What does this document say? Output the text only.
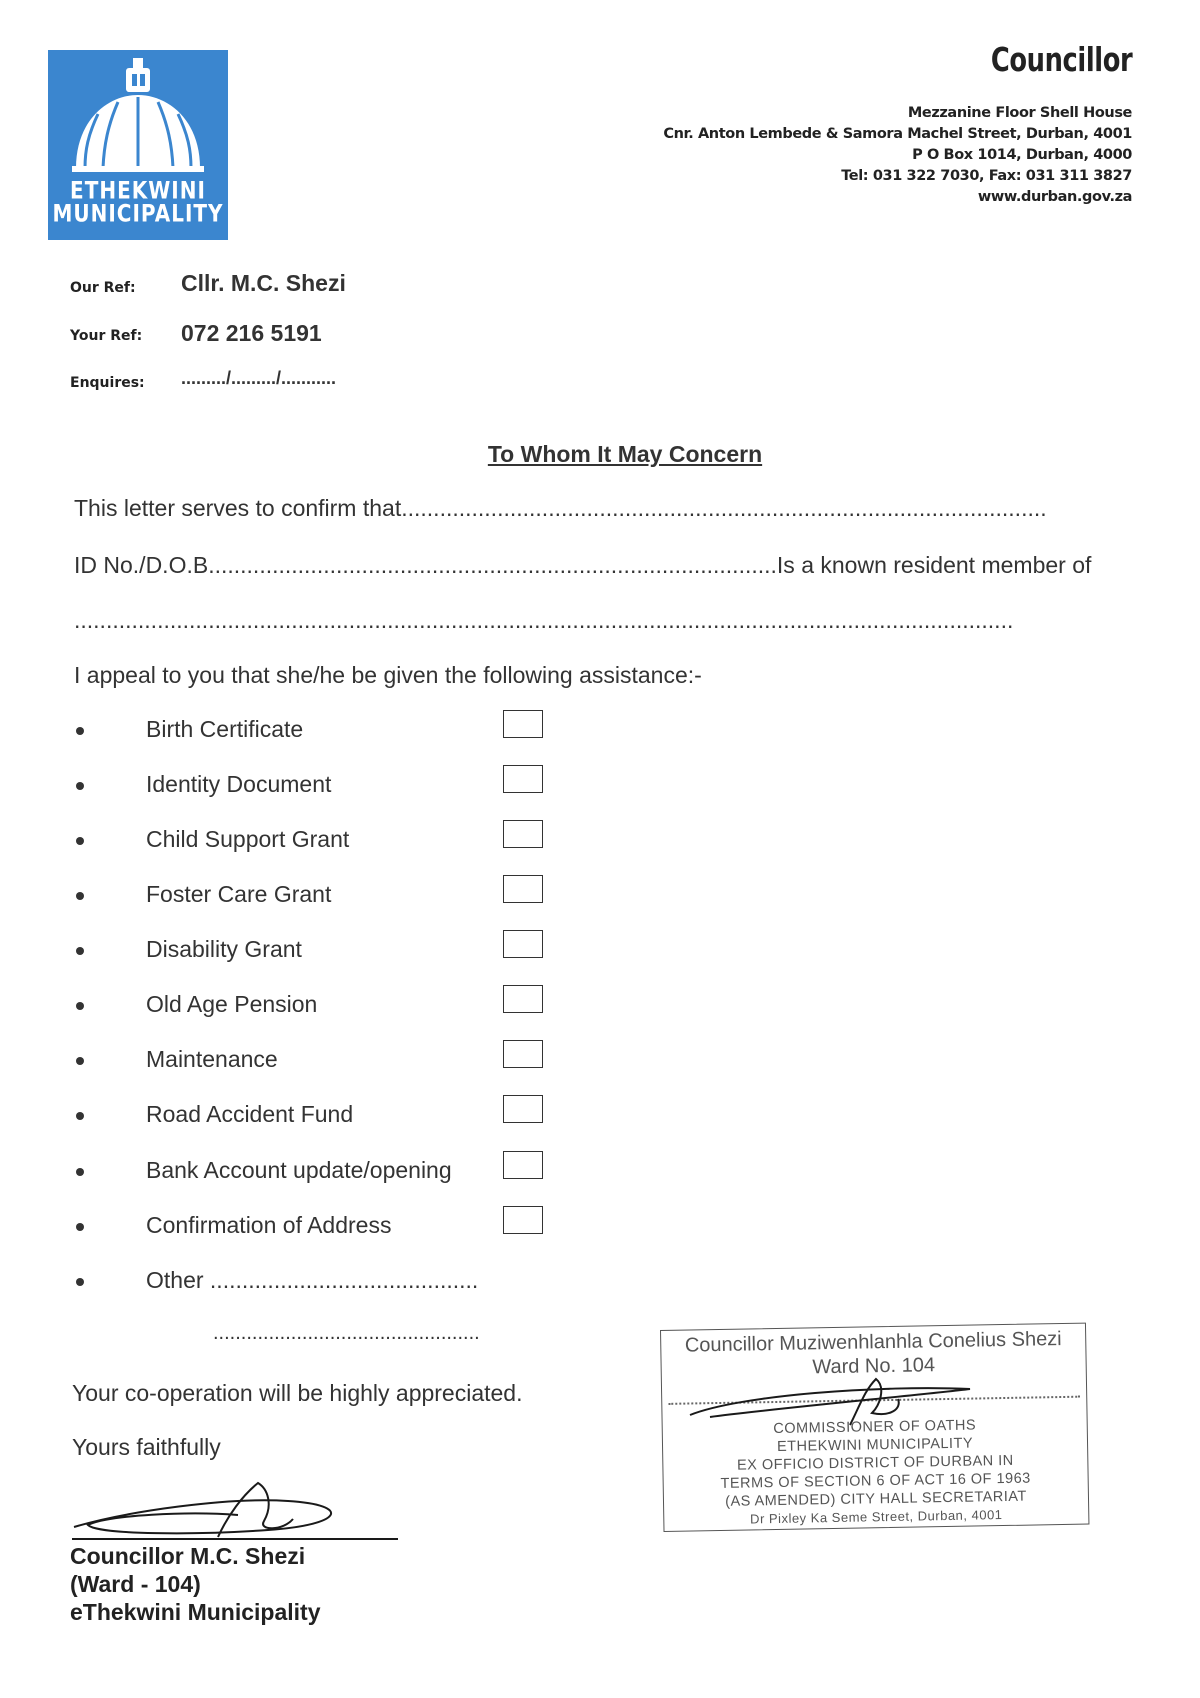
ETHEKWINI
MUNICIPALITY
Councillor
Mezzanine Floor Shell House
Cnr. Anton Lembede & Samora Machel Street, Durban, 4001
P O Box 1014, Durban, 4000
Tel: 031 322 7030, Fax: 031 311 3827
www.durban.gov.za
Our Ref: Cllr. M.C. Shezi
Your Ref: 072 216 5191
Enquires: ........./........./...........
To Whom It May Concern
This letter serves to confirm that.....................................................................................................
ID No./D.O.B.........................................................................................Is a known resident member of
...................................................................................................................................................
I appeal to you that she/he be given the following assistance:-
Birth Certificate
Identity Document
Child Support Grant
Foster Care Grant
Disability Grant
Old Age Pension
Maintenance
Road Accident Fund
Bank Account update/opening
Confirmation of Address
Other ..........................................
................................................
Your co-operation will be highly appreciated.
Yours faithfully
Councillor M.C. Shezi
(Ward - 104)
eThekwini Municipality
Councillor Muziwenhlanhla Conelius Shezi
Ward No. 104
COMMISSIONER OF OATHS
ETHEKWINI MUNICIPALITY
EX OFFICIO DISTRICT OF DURBAN IN
TERMS OF SECTION 6 OF ACT 16 OF 1963
(AS AMENDED) CITY HALL SECRETARIAT
Dr Pixley Ka Seme Street, Durban, 4001
